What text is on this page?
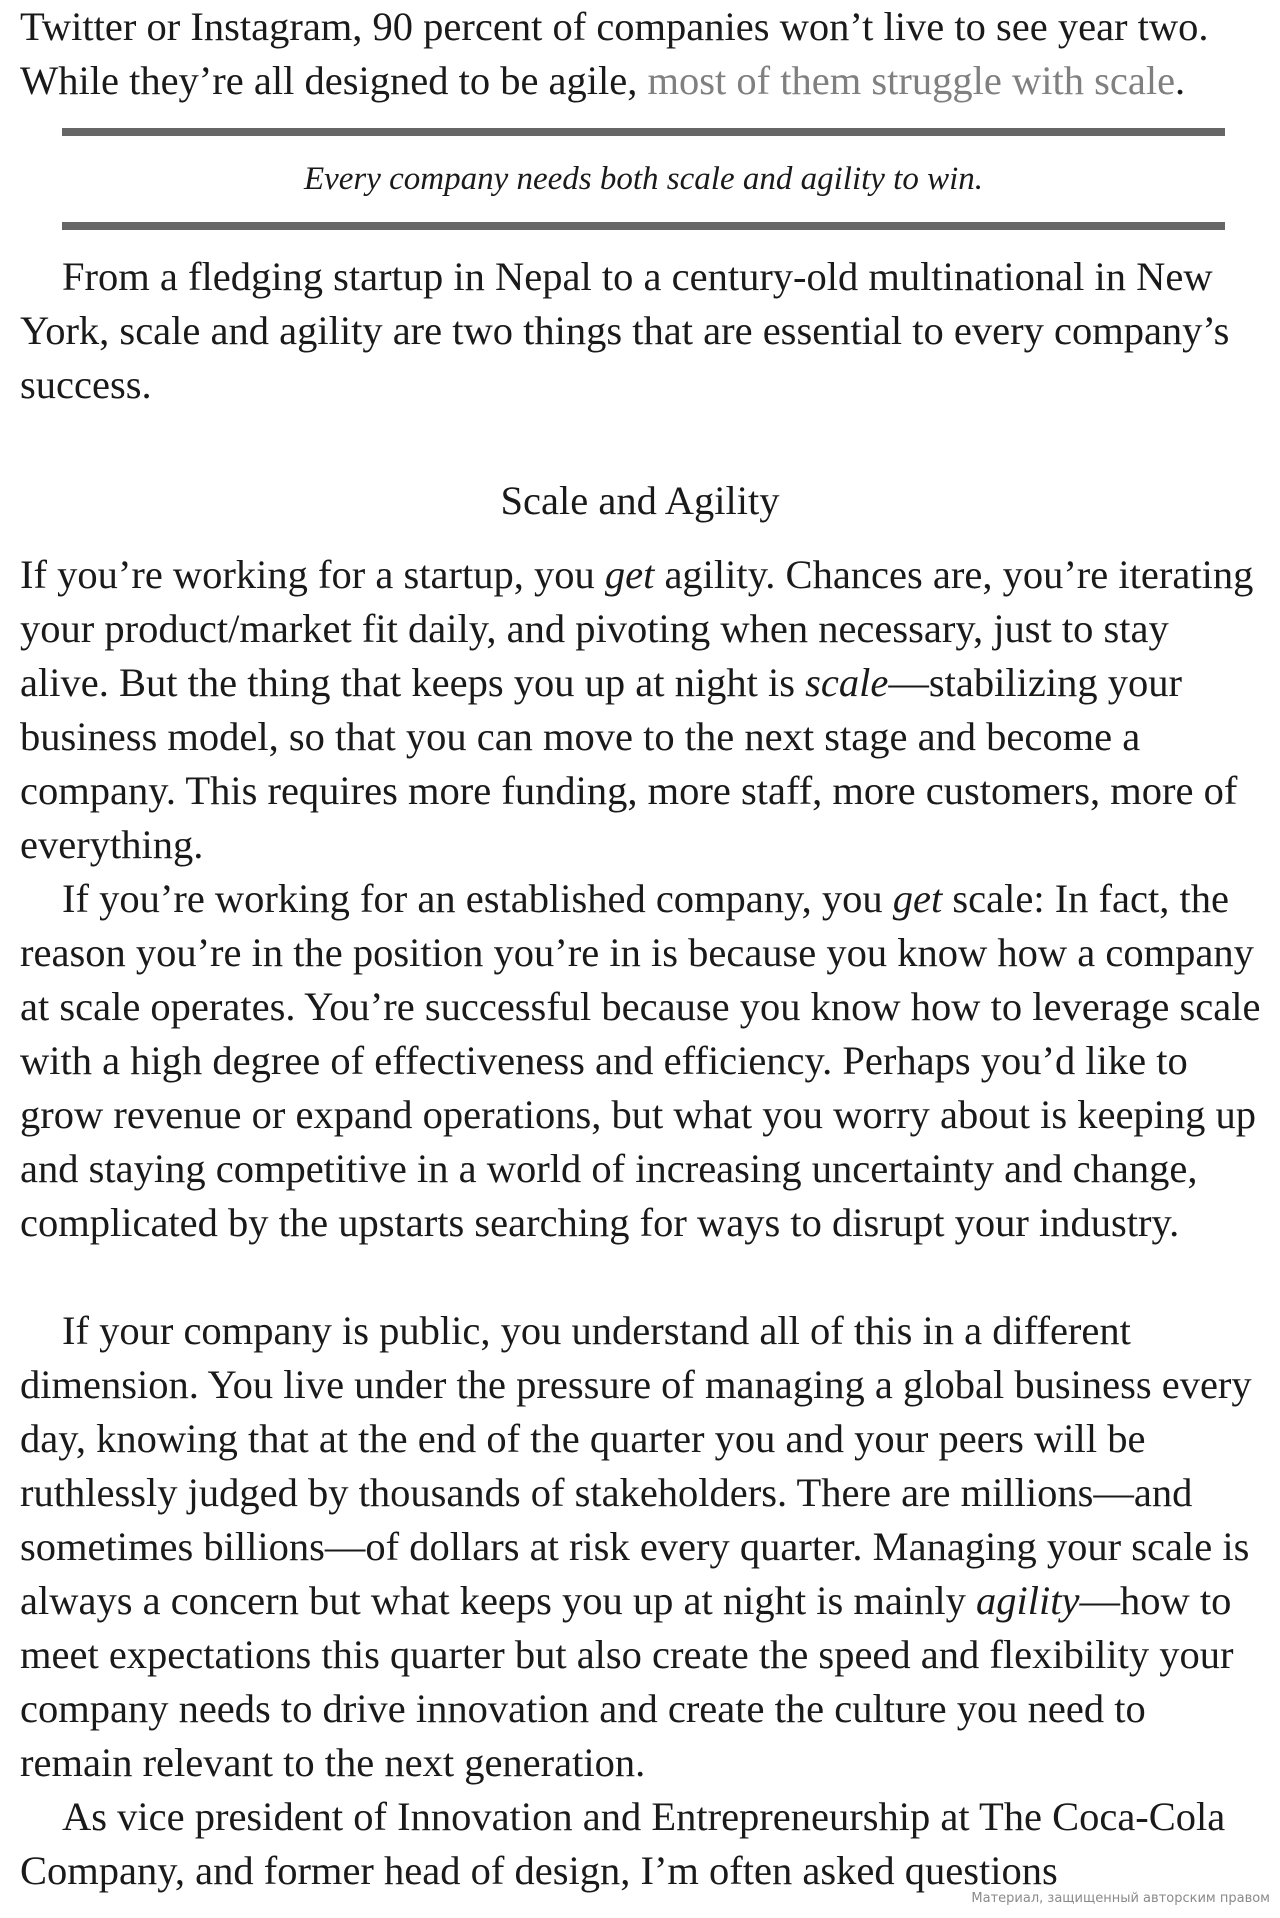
Twitter or Instagram, 90 percent of companies won’t live to see year two.
While they’re all designed to be agile, most of them struggle with scale.

Every company needs both scale and agility to win.

From a fledging startup in Nepal to a century-old multinational in New York, scale and agility are two things that are essential to every company’s success.

Scale and Agility

If you’re working for a startup, you get agility. Chances are, you’re iterating your product/market fit daily, and pivoting when necessary, just to stay alive. But the thing that keeps you up at night is scale—stabilizing your business model, so that you can move to the next stage and become a company. This requires more funding, more staff, more customers, more of everything.

If you’re working for an established company, you get scale: In fact, the reason you’re in the position you’re in is because you know how a company at scale operates. You’re successful because you know how to leverage scale with a high degree of effectiveness and efficiency. Perhaps you’d like to grow revenue or expand operations, but what you worry about is keeping up and staying competitive in a world of increasing uncertainty and change, complicated by the upstarts searching for ways to disrupt your industry.

If your company is public, you understand all of this in a different dimension. You live under the pressure of managing a global business every day, knowing that at the end of the quarter you and your peers will be ruthlessly judged by thousands of stakeholders. There are millions—and sometimes billions—of dollars at risk every quarter. Managing your scale is always a concern but what keeps you up at night is mainly agility—how to meet expectations this quarter but also create the speed and flexibility your company needs to drive innovation and create the culture you need to remain relevant to the next generation.

As vice president of Innovation and Entrepreneurship at The Coca-Cola Company, and former head of design, I’m often asked questions

Материал, защищенный авторским правом
